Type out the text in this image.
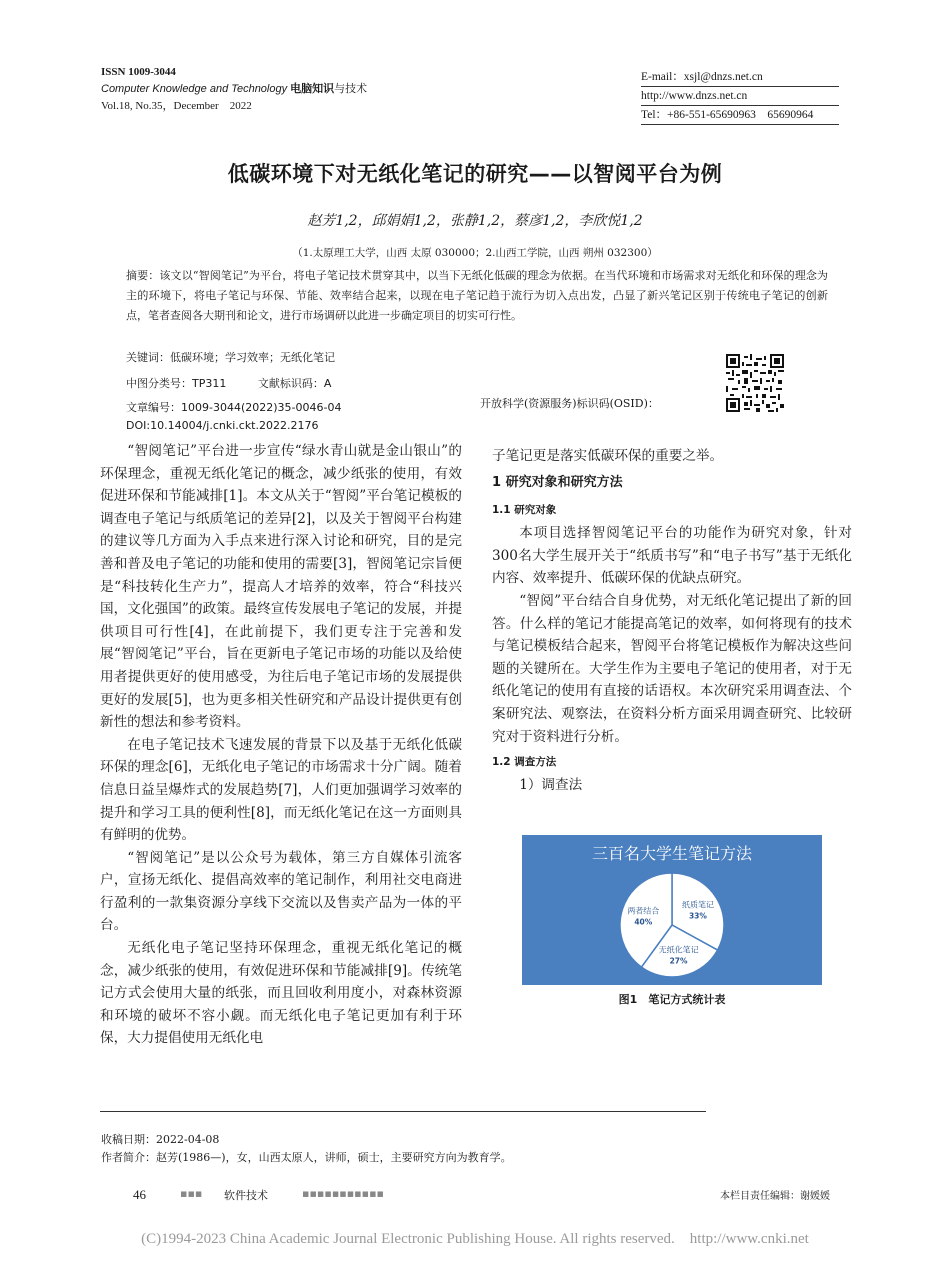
ISSN 1009-3044
Computer Knowledge and Technology 电脑知识与技术
Vol.18, No.35，December　2022
E-mail：xsjl@dnzs.net.cn
http://www.dnzs.net.cn
Tel：+86-551-65690963　65690964
低碳环境下对无纸化笔记的研究——以智阅平台为例
赵芳1,2，邱娟娟1,2，张静1,2，蔡彦1,2，李欣悦1,2
（1.太原理工大学，山西 太原 030000；2.山西工学院，山西 朔州 032300）
摘要：该文以“智阅笔记”为平台，将电子笔记技术贯穿其中，以当下无纸化低碳的理念为依据。在当代环境和市场需求对无纸化和环保的理念为主的环境下，将电子笔记与环保、节能、效率结合起来，以现在电子笔记趋于流行为切入点出发，凸显了新兴笔记区别于传统电子笔记的创新点，笔者查阅各大期刊和论文，进行市场调研以此进一步确定项目的切实可行性。
关键词：低碳环境；学习效率；无纸化笔记
中图分类号：TP311	文献标识码：A
文章编号：1009-3044(2022)35-0046-04
DOI:10.14004/j.cnki.ckt.2022.2176
开放科学(资源服务)标识码(OSID)：

“智阅笔记”平台进一步宣传“绿水青山就是金山银山”的环保理念，重视无纸化笔记的概念，减少纸张的使用，有效促进环保和节能减排[1]。本文从关于“智阅”平台笔记模板的调查电子笔记与纸质笔记的差异[2]，以及关于智阅平台构建的建议等几方面为入手点来进行深入讨论和研究，目的是完善和普及电子笔记的功能和使用的需要[3]，智阅笔记宗旨便是“科技转化生产力”，提高人才培养的效率，符合“科技兴国，文化强国”的政策。最终宣传发展电子笔记的发展，并提供项目可行性[4]，在此前提下，我们更专注于完善和发展“智阅笔记”平台，旨在更新电子笔记市场的功能以及给使用者提供更好的使用感受，为往后电子笔记市场的发展提供更好的发展[5]，也为更多相关性研究和产品设计提供更有创新性的想法和参考资料。

在电子笔记技术飞速发展的背景下以及基于无纸化低碳环保的理念[6]，无纸化电子笔记的市场需求十分广阔。随着信息日益呈爆炸式的发展趋势[7]，人们更加强调学习效率的提升和学习工具的便利性[8]，而无纸化笔记在这一方面则具有鲜明的优势。

“智阅笔记”是以公众号为载体，第三方自媒体引流客户，宣扬无纸化、提倡高效率的笔记制作，利用社交电商进行盈利的一款集资源分享线下交流以及售卖产品为一体的平台。

无纸化电子笔记坚持环保理念，重视无纸化笔记的概念，减少纸张的使用，有效促进环保和节能减排[9]。传统笔记方式会使用大量的纸张，而且回收利用度小，对森林资源和环境的破坏不容小觑。而无纸化电子笔记更加有利于环保，大力提倡使用无纸化电

子笔记更是落实低碳环保的重要之举。

1 研究对象和研究方法
1.1 研究对象

本项目选择智阅笔记平台的功能作为研究对象，针对300名大学生展开关于“纸质书写”和“电子书写”基于无纸化内容、效率提升、低碳环保的优缺点研究。

“智阅”平台结合自身优势，对无纸化笔记提出了新的回答。什么样的笔记才能提高笔记的效率，如何将现有的技术与笔记模板结合起来，智阅平台将笔记模板作为解决这些问题的关键所在。大学生作为主要电子笔记的使用者，对于无纸化笔记的使用有直接的话语权。本次研究采用调查法、个案研究法、观察法，在资料分析方面采用调查研究、比较研究对于资料进行分析。

1.2 调查方法

1）调查法

三百名大学生笔记方法
纸质笔记
33%
无纸化笔记
27%
两者结合
40%
图1　笔记方式统计表
收稿日期：2022-04-08
作者简介：赵芳(1986—)，女，山西太原人，讲师，硕士，主要研究方向为教育学。
46	▪▪▪ 软件技术	▪▪▪▪▪▪▪▪▪▪▪	本栏目责任编辑：谢媛媛
(C)1994-2023 China Academic Journal Electronic Publishing House. All rights reserved.　http://www.cnki.net
